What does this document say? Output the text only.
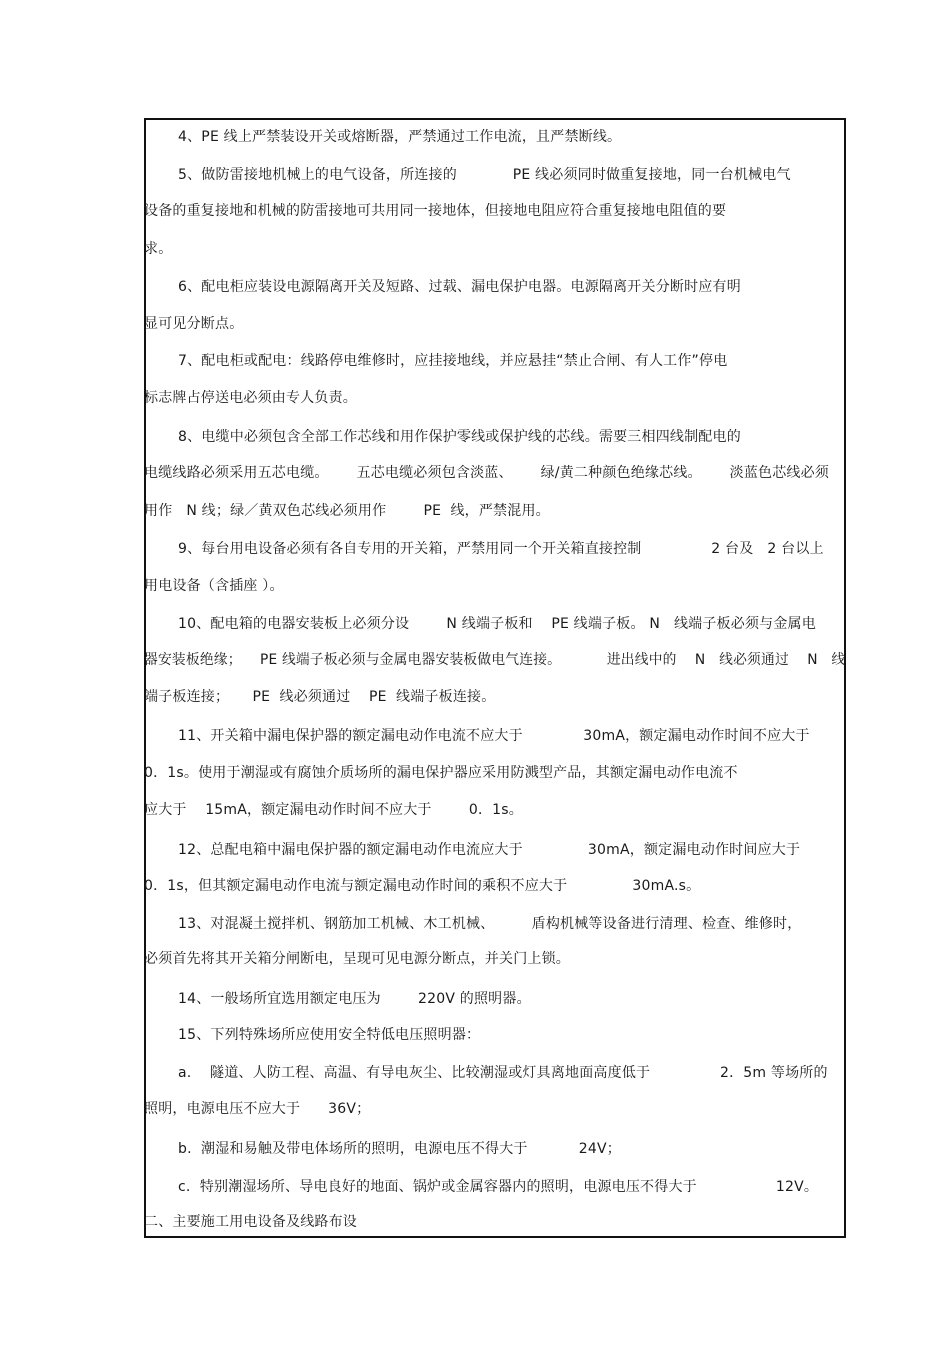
4、PE 线上严禁装设开关或熔断器，严禁通过工作电流，且严禁断线。
5、做防雷接地机械上的电气设备，所连接的            PE 线必须同时做重复接地，同一台机械电气
设备的重复接地和机械的防雷接地可共用同一接地体，但接地电阻应符合重复接地电阻值的要
求。
6、配电柜应装设电源隔离开关及短路、过载、漏电保护电器。电源隔离开关分断时应有明
显可见分断点。
7、配电柜或配电：线路停电维修时，应挂接地线，并应悬挂“禁止合闸、有人工作”停电
标志牌占停送电必须由专人负责。
8、电缆中必须包含全部工作芯线和用作保护零线或保护线的芯线。需要三相四线制配电的
电缆线路必须采用五芯电缆。      五芯电缆必须包含淡蓝、      绿/黄二种颜色绝缘芯线。      淡蓝色芯线必须
用作   N 线；绿／黄双色芯线必须用作        PE  线，严禁混用。
9、每台用电设备必须有各自专用的开关箱，严禁用同一个开关箱直接控制               2 台及   2 台以上
用电设备（含插座 ）。
10、配电箱的电器安装板上必须分设        N 线端子板和    PE 线端子板。 N   线端子板必须与金属电
器安装板绝缘；    PE 线端子板必须与金属电器安装板做电气连接。          进出线中的    N   线必须通过    N   线
端子板连接；     PE  线必须通过    PE  线端子板连接。
11、开关箱中漏电保护器的额定漏电动作电流不应大于             30mA，额定漏电动作时间不应大于
0．1s。使用于潮湿或有腐蚀介质场所的漏电保护器应采用防溅型产品，其额定漏电动作电流不
应大于    15mA，额定漏电动作时间不应大于        0．1s。
12、总配电箱中漏电保护器的额定漏电动作电流应大于              30mA，额定漏电动作时间应大于
0．1s，但其额定漏电动作电流与额定漏电动作时间的乘积不应大于              30mA.s。
13、对混凝土搅拌机、钢筋加工机械、木工机械、        盾构机械等设备进行清理、检查、维修时，
必须首先将其开关箱分闸断电，呈现可见电源分断点，并关门上锁。
14、一般场所宜选用额定电压为        220V 的照明器。
15、下列特殊场所应使用安全特低电压照明器：
a.    隧道、人防工程、高温、有导电灰尘、比较潮湿或灯具离地面高度低于               2．5m 等场所的
照明，电源电压不应大于      36V；
b.  潮湿和易触及带电体场所的照明，电源电压不得大于           24V；
c.  特别潮湿场所、导电良好的地面、锅炉或金属容器内的照明，电源电压不得大于                 12V。
二、主要施工用电设备及线路布设
